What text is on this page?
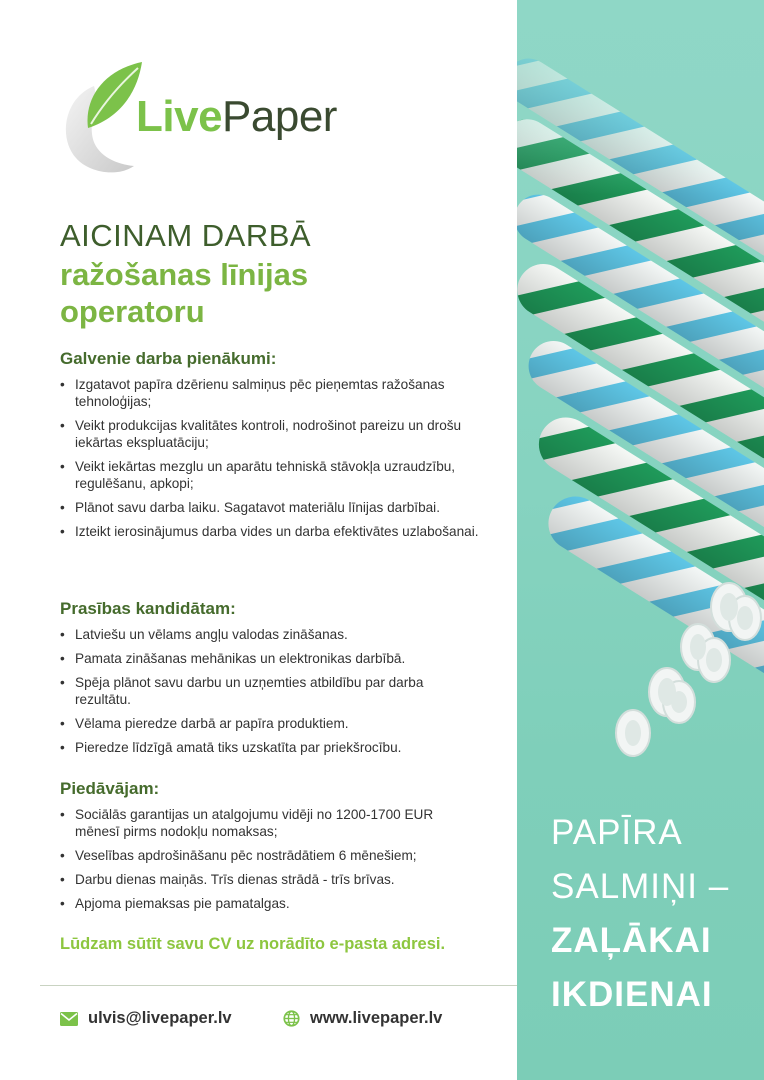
LivePaper
AICINAM DARBĀ
ražošanas līnijas operatoru
Galvenie darba pienākumi:
• Izgatavot papīra dzērienu salmiņus pēc pieņemtas ražošanas tehnoloģijas;
• Veikt produkcijas kvalitātes kontroli, nodrošinot pareizu un drošu iekārtas ekspluatāciju;
• Veikt iekārtas mezglu un aparātu tehniskā stāvokļa uzraudzību, regulēšanu, apkopi;
• Plānot savu darba laiku. Sagatavot materiālu līnijas darbībai.
• Izteikt ierosinājumus darba vides un darba efektivātes uzlabošanai.
Prasības kandidātam:
• Latviešu un vēlams angļu valodas zināšanas.
• Pamata zināšanas mehānikas un elektronikas darbībā.
• Spēja plānot savu darbu un uzņemties atbildību par darba rezultātu.
• Vēlama pieredze darbā ar papīra produktiem.
• Pieredze līdzīgā amatā tiks uzskatīta par priekšrocību.
Piedāvājam:
• Sociālās garantijas un atalgojumu vidēji no 1200-1700 EUR mēnesī pirms nodokļu nomaksas;
• Veselības apdrošināšanu pēc nostrādātiem 6 mēnešiem;
• Darbu dienas maiņās. Trīs dienas strādā - trīs brīvas.
• Apjoma piemaksas pie pamatalgas.
Lūdzam sūtīt savu CV uz norādīto e-pasta adresi.
ulvis@livepaper.lv	www.livepaper.lv
PAPĪRA
SALMIŅI –
ZAĻĀKAI
IKDIENAI
